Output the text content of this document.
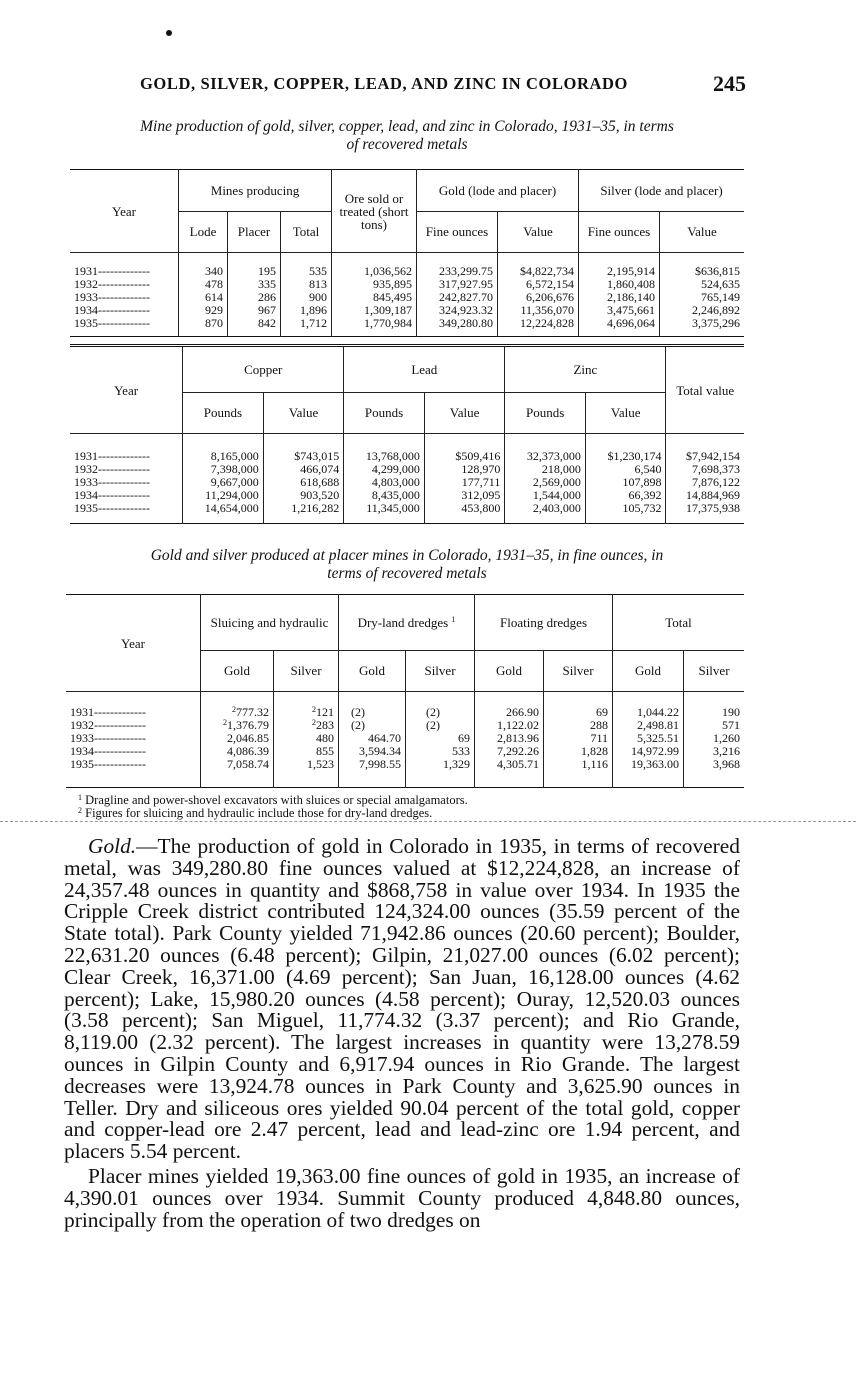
GOLD, SILVER, COPPER, LEAD, AND ZINC IN COLORADO	245
Mine production of gold, silver, copper, lead, and zinc in Colorado, 1931–35, in terms
of recovered metals
Year	Mines producing			Ore sold or treated (short tons)	Gold (lode and placer)		Silver (lode and placer)	
	Lode	Placer	Total		Fine ounces	Value	Fine ounces	Value
1931-------------	340	195	535	1,036,562	233,299.75	$4,822,734	2,195,914	$636,815
1932-------------	478	335	813	935,895	317,927.95	6,572,154	1,860,408	524,635
1933-------------	614	286	900	845,495	242,827.70	6,206,676	2,186,140	765,149
1934-------------	929	967	1,896	1,309,187	324,923.32	11,356,070	3,475,661	2,246,892
1935-------------	870	842	1,712	1,770,984	349,280.80	12,224,828	4,696,064	3,375,296
Year	Copper		Lead		Zinc		Total value
	Pounds	Value	Pounds	Value	Pounds	Value	
1931-------------	8,165,000	$743,015	13,768,000	$509,416	32,373,000	$1,230,174	$7,942,154
1932-------------	7,398,000	466,074	4,299,000	128,970	218,000	6,540	7,698,373
1933-------------	9,667,000	618,688	4,803,000	177,711	2,569,000	107,898	7,876,122
1934-------------	11,294,000	903,520	8,435,000	312,095	1,544,000	66,392	14,884,969
1935-------------	14,654,000	1,216,282	11,345,000	453,800	2,403,000	105,732	17,375,938
Gold and silver produced at placer mines in Colorado, 1931–35, in fine ounces, in
terms of recovered metals
Year	Sluicing and hydraulic		Dry-land dredges $^1$		Floating dredges		Total	
	Gold	Silver	Gold	Silver	Gold	Silver	Gold	Silver
1931-------------	$^2$777.32	$^2$121	(2)	(2)	266.90	69	1,044.22	190
1932-------------	$^2$1,376.79	$^2$283	(2)	(2)	1,122.02	288	2,498.81	571
1933-------------	2,046.85	480	464.70	69	2,813.96	711	5,325.51	1,260
1934-------------	4,086.39	855	3,594.34	533	7,292.26	1,828	14,972.99	3,216
1935-------------	7,058.74	1,523	7,998.55	1,329	4,305.71	1,116	19,363.00	3,968
$^1$ Dragline and power-shovel excavators with sluices or special amalgamators.
$^2$ Figures for sluicing and hydraulic include those for dry-land dredges.

Gold.—The production of gold in Colorado in 1935, in terms of recovered metal, was 349,280.80 fine ounces valued at $12,224,828, an increase of 24,357.48 ounces in quantity and $868,758 in value over 1934. In 1935 the Cripple Creek district contributed 124,324.00 ounces (35.59 percent of the State total). Park County yielded 71,942.86 ounces (20.60 percent); Boulder, 22,631.20 ounces (6.48 percent); Gilpin, 21,027.00 ounces (6.02 percent); Clear Creek, 16,371.00 (4.69 percent); San Juan, 16,128.00 ounces (4.62 percent); Lake, 15,980.20 ounces (4.58 percent); Ouray, 12,520.03 ounces (3.58 percent); San Miguel, 11,774.32 (3.37 percent); and Rio Grande, 8,119.00 (2.32 percent). The largest increases in quantity were 13,278.59 ounces in Gilpin County and 6,917.94 ounces in Rio Grande. The largest decreases were 13,924.78 ounces in Park County and 3,625.90 ounces in Teller. Dry and siliceous ores yielded 90.04 percent of the total gold, copper and copper-lead ore 2.47 percent, lead and lead-zinc ore 1.94 percent, and placers 5.54 percent.

Placer mines yielded 19,363.00 fine ounces of gold in 1935, an increase of 4,390.01 ounces over 1934. Summit County produced 4,848.80 ounces, principally from the operation of two dredges on
